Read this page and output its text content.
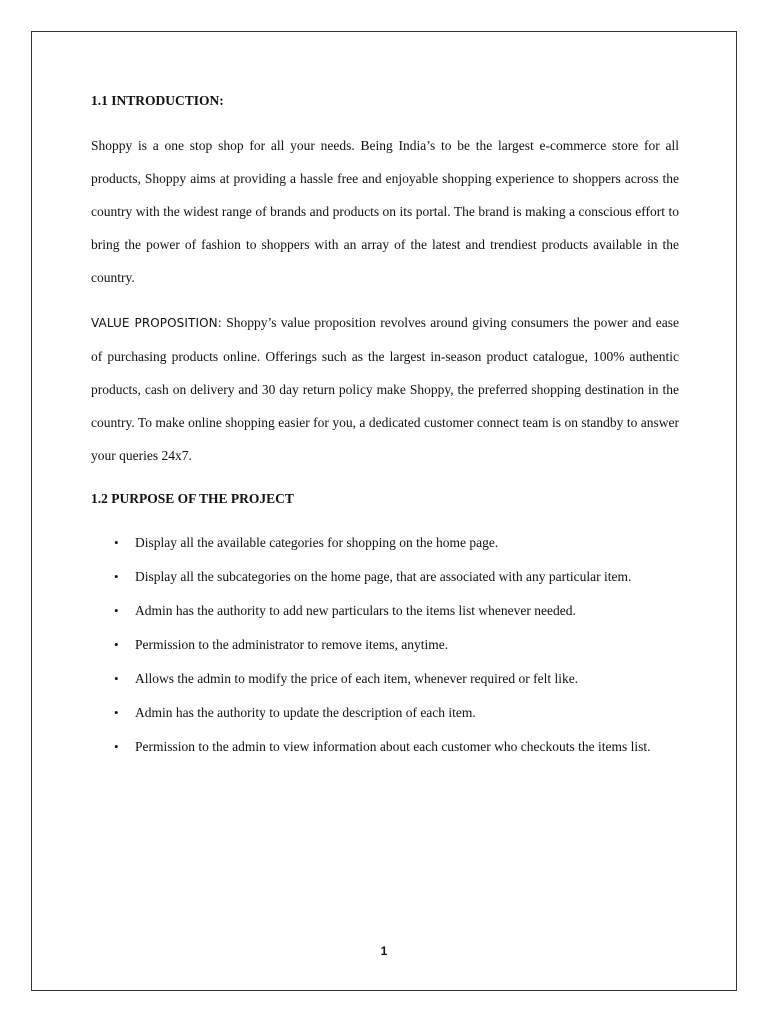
1.1 INTRODUCTION:

Shoppy is a one stop shop for all your needs. Being India’s to be the largest e-commerce store for all products, Shoppy aims at providing a hassle free and enjoyable shopping experience to shoppers across the country with the widest range of brands and products on its portal. The brand is making a conscious effort to bring the power of fashion to shoppers with an array of the latest and trendiest products available in the country.

VALUE PROPOSITION: Shoppy’s value proposition revolves around giving consumers the power and ease of purchasing products online. Offerings such as the largest in-season product catalogue, 100% authentic products, cash on delivery and 30 day return policy make Shoppy, the preferred shopping destination in the country. To make online shopping easier for you, a dedicated customer connect team is on standby to answer your queries 24x7.

1.2 PURPOSE OF THE PROJECT
• Display all the available categories for shopping on the home page.
• Display all the subcategories on the home page, that are associated with any particular item.
• Admin has the authority to add new particulars to the items list whenever needed.
• Permission to the administrator to remove items, anytime.
• Allows the admin to modify the price of each item, whenever required or felt like.
• Admin has the authority to update the description of each item.
• Permission to the admin to view information about each customer who checkouts the items list.
1
